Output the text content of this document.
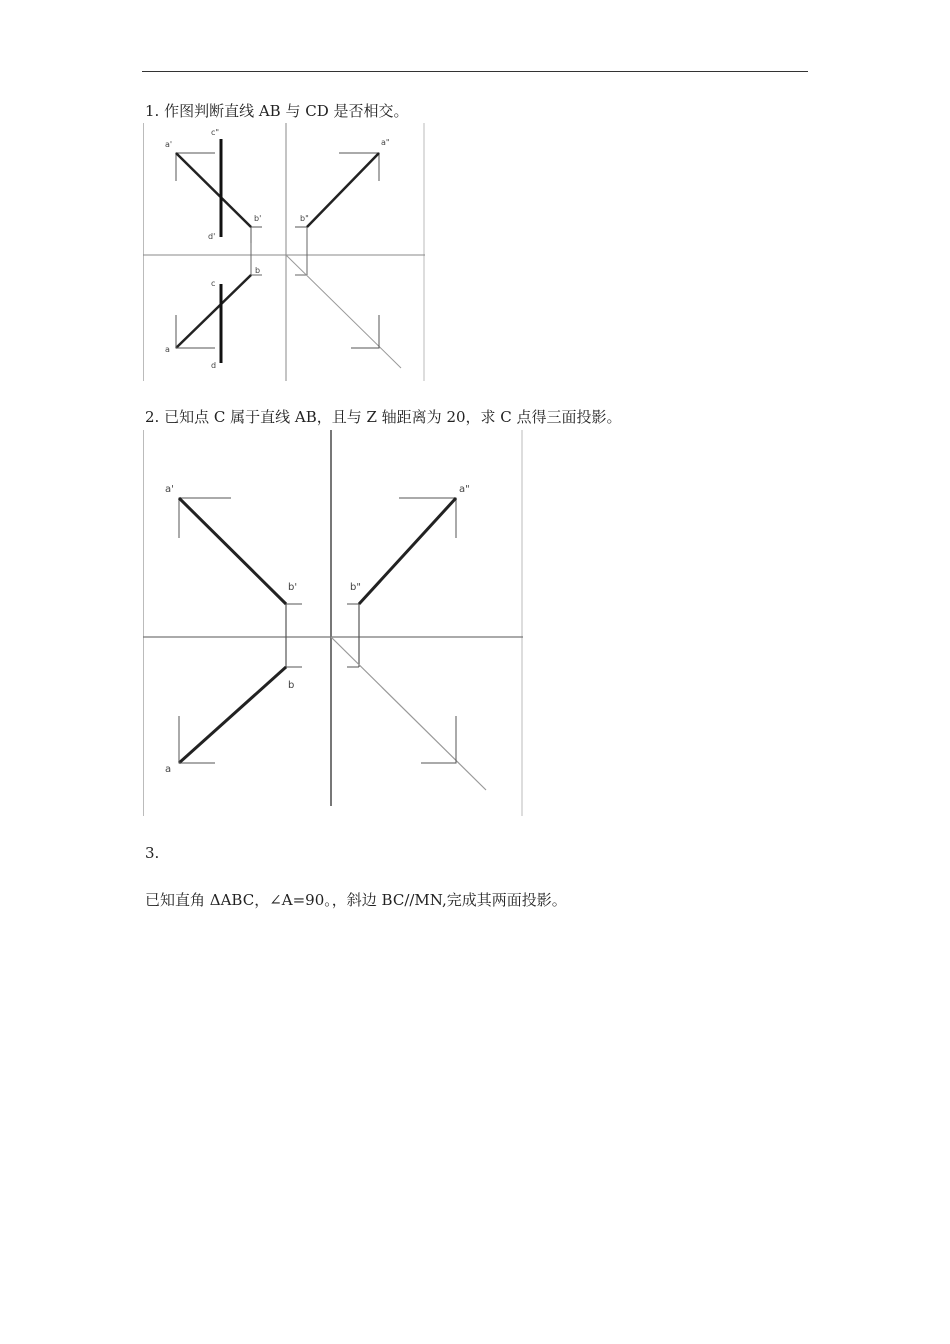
1. 作图判断直线 AB 与 CD 是否相交。
a'
c"
b'
d'
a"
b"
b
c
a
d
2. 已知点 C 属于直线 AB，且与 Z 轴距离为 20，求 C 点得三面投影。
a'
b'
a"
b"
b
a
3.
已知直角 ΔABC，∠A=90。，斜边 BC//MN,完成其两面投影。
